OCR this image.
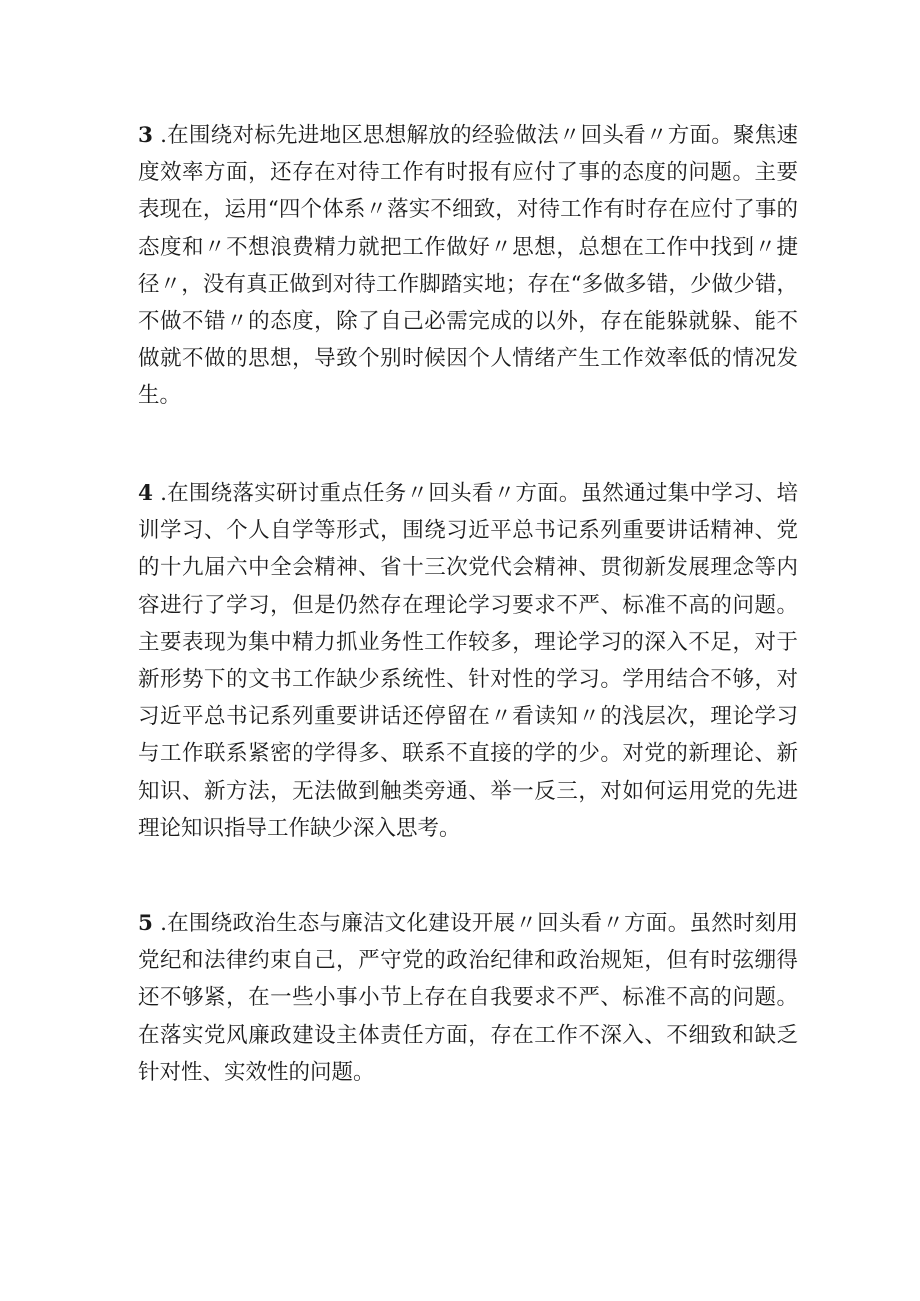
3 .在围绕对标先进地区思想解放的经验做法〃回头看〃方面。聚焦速度效率方面，还存在对待工作有时报有应付了事的态度的问题。主要表现在，运用“四个体系〃落实不细致，对待工作有时存在应付了事的态度和〃不想浪费精力就把工作做好〃思想，总想在工作中找到〃捷径〃，没有真正做到对待工作脚踏实地；存在“多做多错，少做少错，不做不错〃的态度，除了自己必需完成的以外，存在能躲就躲、能不做就不做的思想，导致个别时候因个人情绪产生工作效率低的情况发生。

4 .在围绕落实研讨重点任务〃回头看〃方面。虽然通过集中学习、培训学习、个人自学等形式，围绕习近平总书记系列重要讲话精神、党的十九届六中全会精神、省十三次党代会精神、贯彻新发展理念等内容进行了学习，但是仍然存在理论学习要求不严、标准不高的问题。主要表现为集中精力抓业务性工作较多，理论学习的深入不足，对于新形势下的文书工作缺少系统性、针对性的学习。学用结合不够，对习近平总书记系列重要讲话还停留在〃看读知〃的浅层次，理论学习与工作联系紧密的学得多、联系不直接的学的少。对党的新理论、新知识、新方法，无法做到触类旁通、举一反三，对如何运用党的先进理论知识指导工作缺少深入思考。

5 .在围绕政治生态与廉洁文化建设开展〃回头看〃方面。虽然时刻用党纪和法律约束自己，严守党的政治纪律和政治规矩，但有时弦绷得还不够紧，在一些小事小节上存在自我要求不严、标准不高的问题。在落实党风廉政建设主体责任方面，存在工作不深入、不细致和缺乏针对性、实效性的问题。
